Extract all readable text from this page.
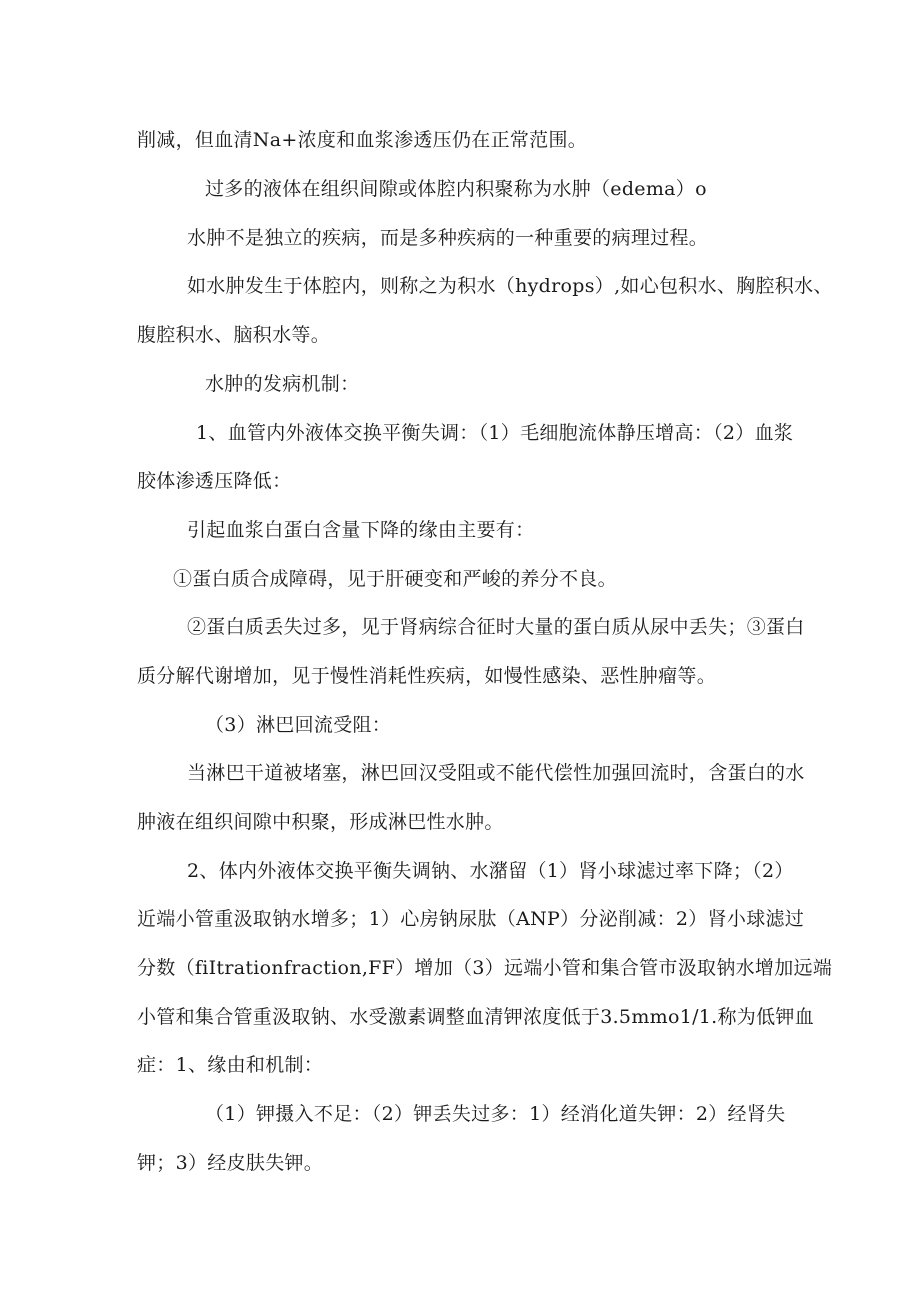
削减，但血清Na+浓度和血浆渗透压仍在正常范围。
过多的液体在组织间隙或体腔内积聚称为水肿（edema）o
水肿不是独立的疾病，而是多种疾病的一种重要的病理过程。
如水肿发生于体腔内，则称之为积水（hydrops）,如心包积水、胸腔积水、
腹腔积水、脑积水等。
水肿的发病机制：
1、血管内外液体交换平衡失调：（1）毛细胞流体静压增高：（2）血浆
胶体渗透压降低：
引起血浆白蛋白含量下降的缘由主要有：
①蛋白质合成障碍，见于肝硬变和严峻的养分不良。
②蛋白质丢失过多，见于肾病综合征时大量的蛋白质从尿中丢失；③蛋白
质分解代谢增加，见于慢性消耗性疾病，如慢性感染、恶性肿瘤等。
（3）淋巴回流受阻：
当淋巴干道被堵塞，淋巴回汉受阻或不能代偿性加强回流时，含蛋白的水
肿液在组织间隙中积聚，形成淋巴性水肿。
2、体内外液体交换平衡失调钠、水潴留（1）肾小球滤过率下降；（2）
近端小管重汲取钠水增多；1）心房钠尿肽（ANP）分泌削减：2）肾小球滤过
分数（fiItrationfraction,FF）增加（3）远端小管和集合管市汲取钠水增加远端
小管和集合管重汲取钠、水受激素调整血清钾浓度低于3.5mmo1∕1.称为低钾血
症：1、缘由和机制：
（1）钾摄入不足：（2）钾丢失过多：1）经消化道失钾：2）经肾失
钾；3）经皮肤失钾。
